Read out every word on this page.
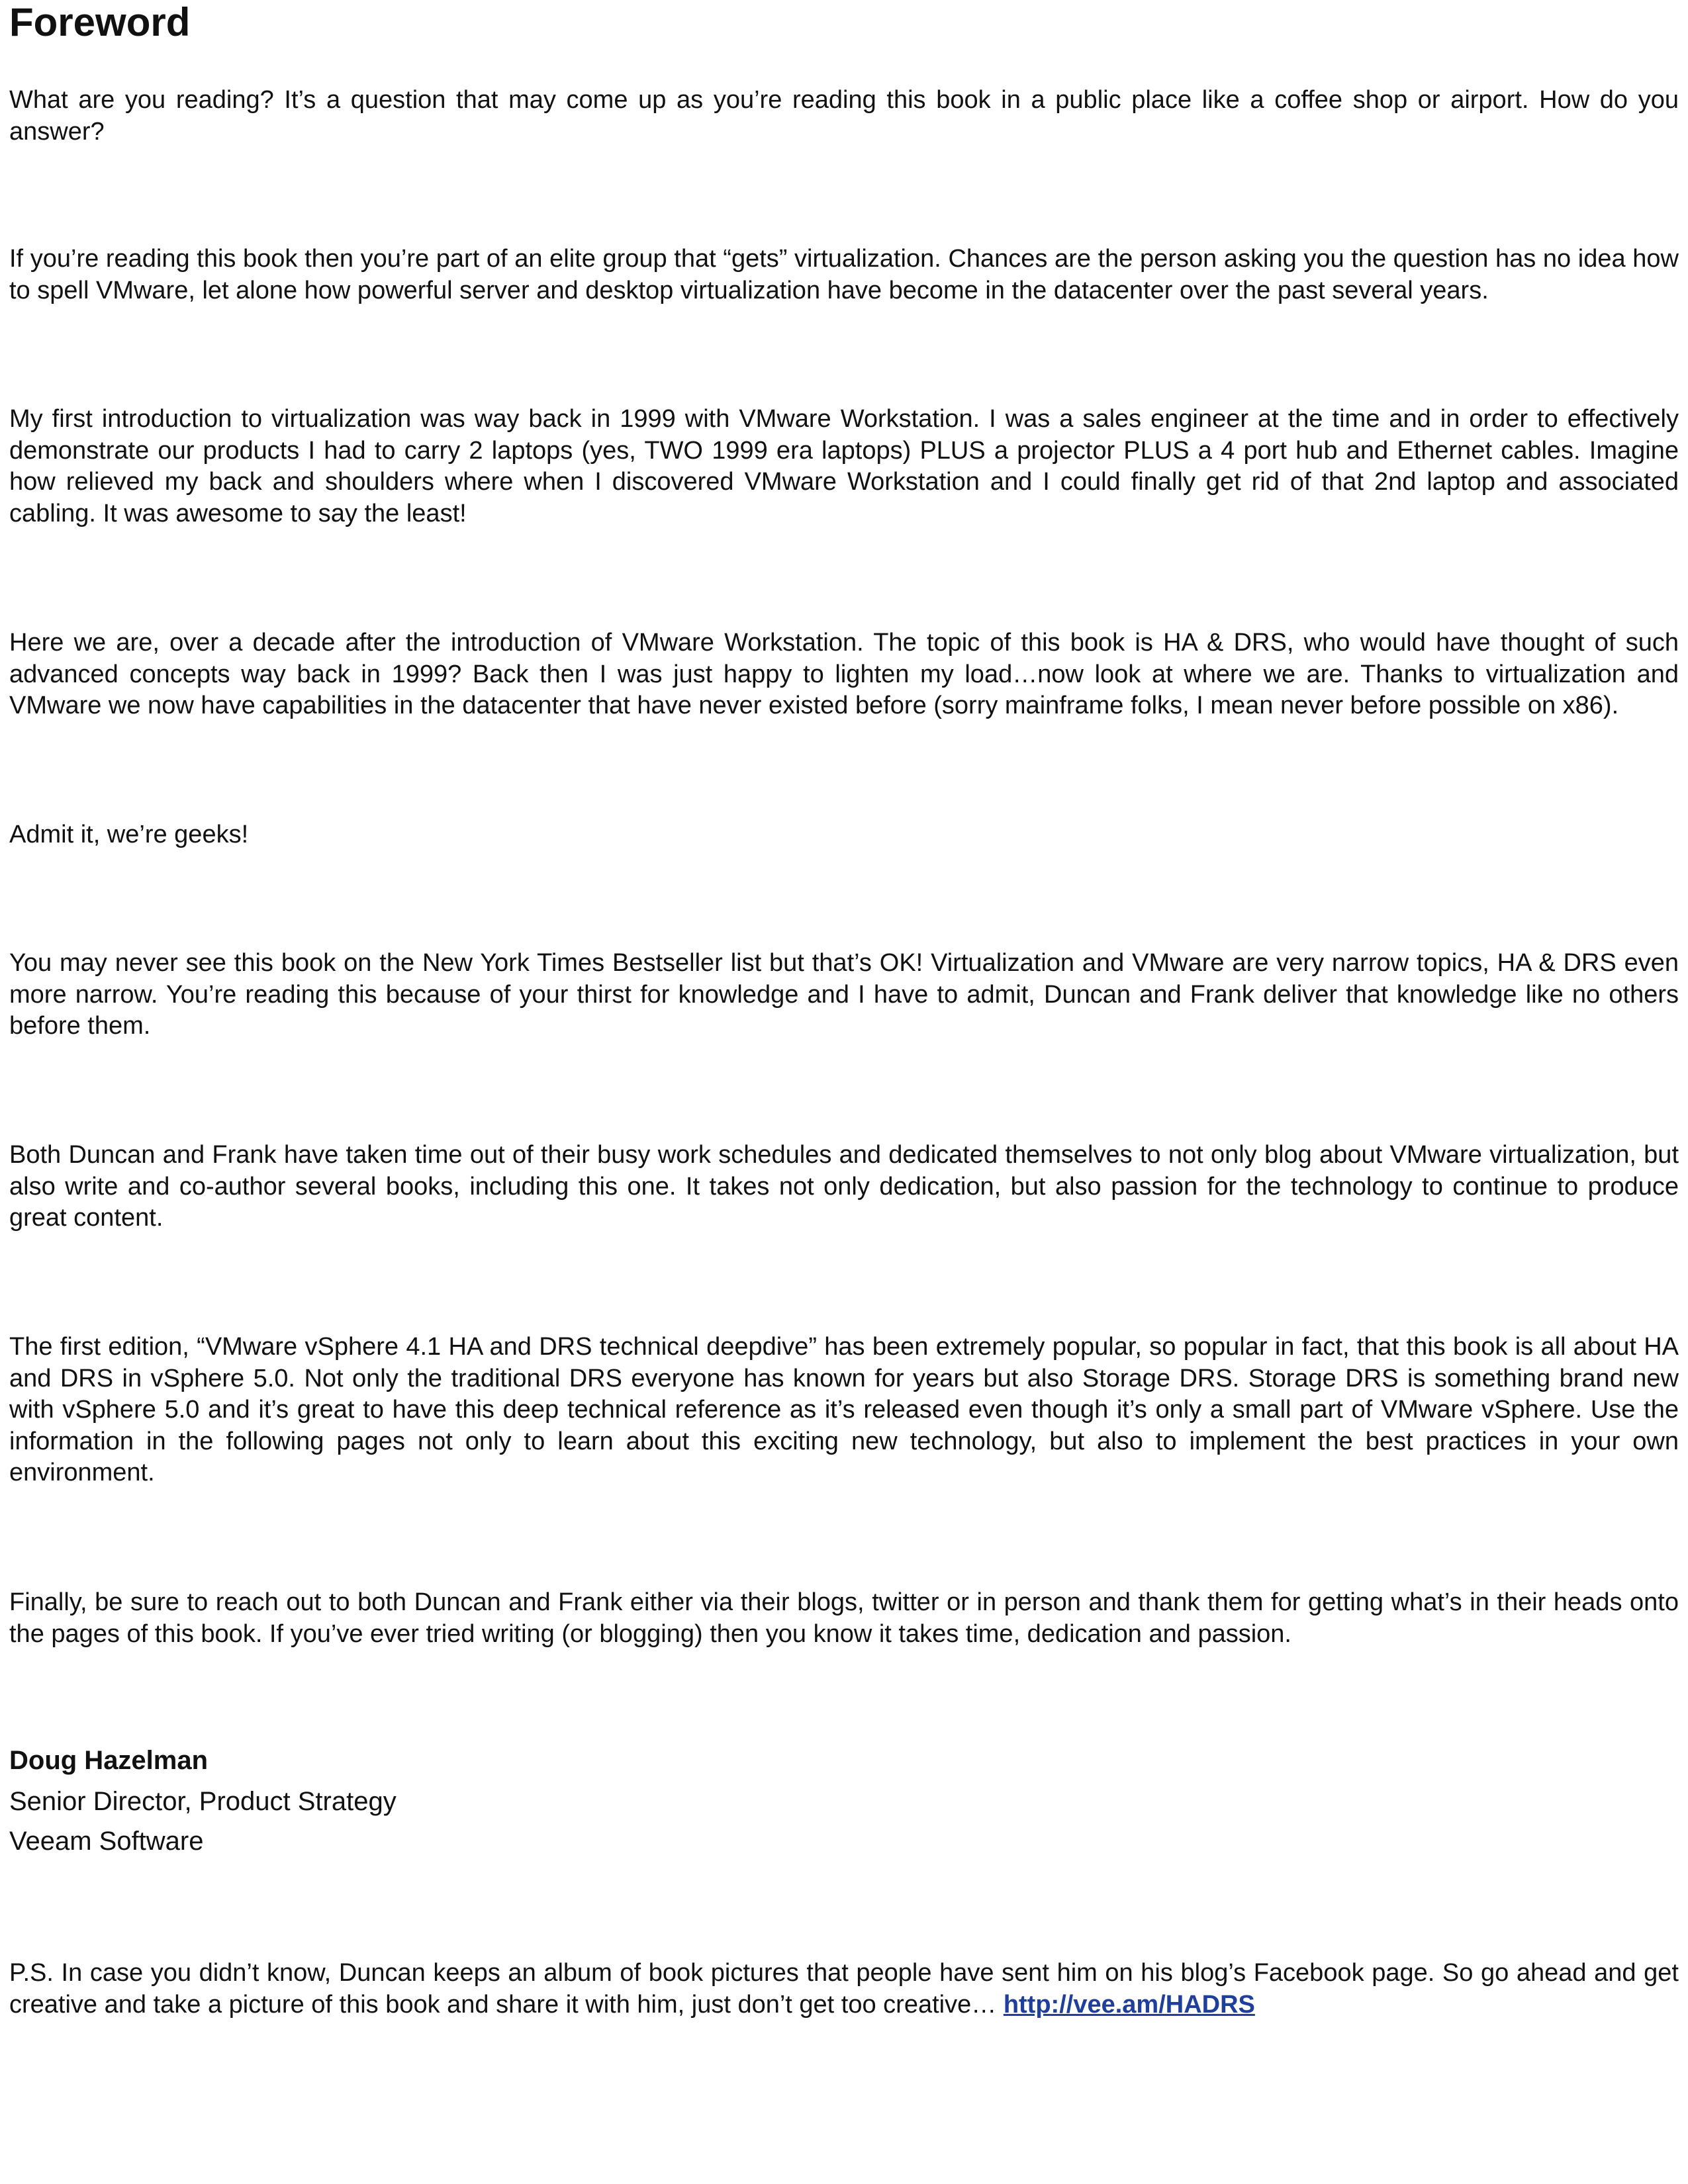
Foreword

What are you reading? It’s a question that may come up as you’re reading this book in a public place like a coffee shop or airport. How do you answer?

If you’re reading this book then you’re part of an elite group that “gets” virtualization. Chances are the person asking you the question has no idea how to spell VMware, let alone how powerful server and desktop virtualization have become in the datacenter over the past several years.

My first introduction to virtualization was way back in 1999 with VMware Workstation. I was a sales engineer at the time and in order to effectively demonstrate our products I had to carry 2 laptops (yes, TWO 1999 era laptops) PLUS a projector PLUS a 4 port hub and Ethernet cables. Imagine how relieved my back and shoulders where when I discovered VMware Workstation and I could finally get rid of that 2nd laptop and associated cabling. It was awesome to say the least!

Here we are, over a decade after the introduction of VMware Workstation. The topic of this book is HA & DRS, who would have thought of such advanced concepts way back in 1999? Back then I was just happy to lighten my load…now look at where we are. Thanks to virtualization and VMware we now have capabilities in the datacenter that have never existed before (sorry mainframe folks, I mean never before possible on x86).

Admit it, we’re geeks!

You may never see this book on the New York Times Bestseller list but that’s OK! Virtualization and VMware are very narrow topics, HA & DRS even more narrow. You’re reading this because of your thirst for knowledge and I have to admit, Duncan and Frank deliver that knowledge like no others before them.

Both Duncan and Frank have taken time out of their busy work schedules and dedicated themselves to not only blog about VMware virtualization, but also write and co-author several books, including this one. It takes not only dedication, but also passion for the technology to continue to produce great content.

The first edition, “VMware vSphere 4.1 HA and DRS technical deepdive” has been extremely popular, so popular in fact, that this book is all about HA and DRS in vSphere 5.0. Not only the traditional DRS everyone has known for years but also Storage DRS. Storage DRS is something brand new with vSphere 5.0 and it’s great to have this deep technical reference as it’s released even though it’s only a small part of VMware vSphere. Use the information in the following pages not only to learn about this exciting new technology, but also to implement the best practices in your own environment.

Finally, be sure to reach out to both Duncan and Frank either via their blogs, twitter or in person and thank them for getting what’s in their heads onto the pages of this book. If you’ve ever tried writing (or blogging) then you know it takes time, dedication and passion.

Doug Hazelman

Senior Director, Product Strategy

Veeam Software

P.S. In case you didn’t know, Duncan keeps an album of book pictures that people have sent him on his blog’s Facebook page. So go ahead and get creative and take a picture of this book and share it with him, just don’t get too creative… http://vee.am/HADRS
